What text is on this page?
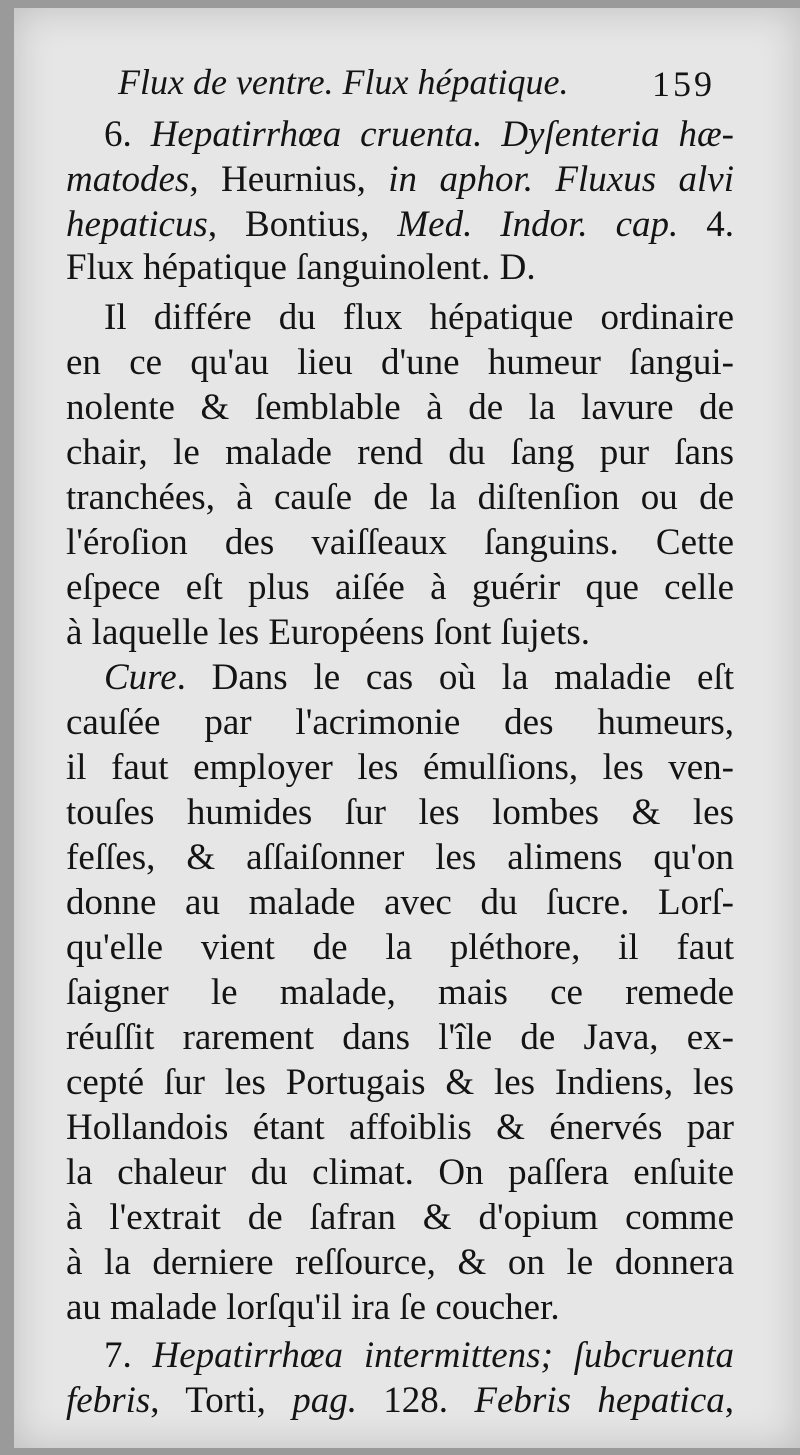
Flux de ventre. Flux hépatique. 159
6. Hepatirrhœa cruenta. Dyſenteria hæ-
matodes, Heurnius, in aphor. Fluxus alvi
hepaticus, Bontius, Med. Indor. cap. 4.
Flux hépatique ſanguinolent. D.
Il différe du flux hépatique ordinaire
en ce qu'au lieu d'une humeur ſangui-
nolente & ſemblable à de la lavure de
chair, le malade rend du ſang pur ſans
tranchées, à cauſe de la diſtenſion ou de
l'éroſion des vaiſſeaux ſanguins. Cette
eſpece eſt plus aiſée à guérir que celle
à laquelle les Européens ſont ſujets.
Cure. Dans le cas où la maladie eſt
cauſée par l'acrimonie des humeurs,
il faut employer les émulſions, les ven-
touſes humides ſur les lombes & les
feſſes, & aſſaiſonner les alimens qu'on
donne au malade avec du ſucre. Lorſ-
qu'elle vient de la pléthore, il faut
ſaigner le malade, mais ce remede
réuſſit rarement dans l'île de Java, ex-
cepté ſur les Portugais & les Indiens, les
Hollandois étant affoiblis & énervés par
la chaleur du climat. On paſſera enſuite
à l'extrait de ſafran & d'opium comme
à la derniere reſſource, & on le donnera
au malade lorſqu'il ira ſe coucher.
7. Hepatirrhœa intermittens; ſubcruenta
febris, Torti, pag. 128. Febris hepatica,
